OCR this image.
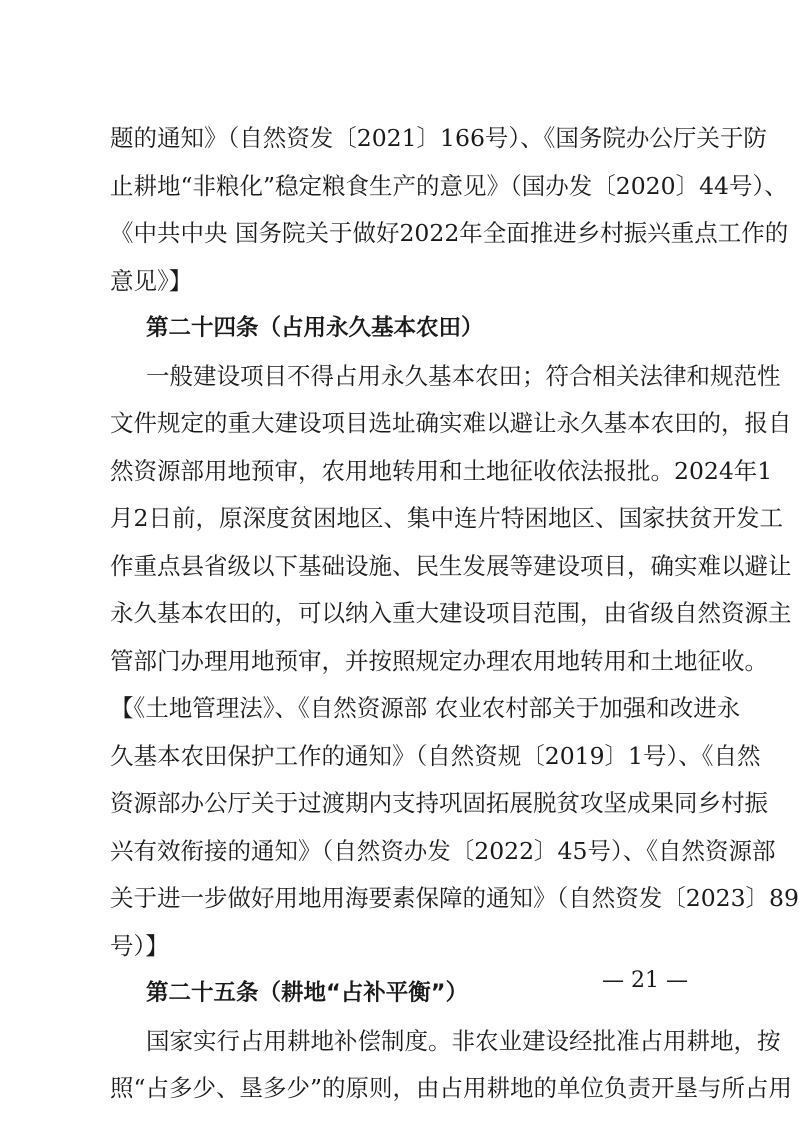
题的通知》（自然资发〔2021〕166号）、《国务院办公厅关于防
止耕地“非粮化”稳定粮食生产的意见》（国办发〔2020〕44号）、
《中共中央 国务院关于做好2022年全面推进乡村振兴重点工作的
意见》】
第二十四条（占用永久基本农田）
一般建设项目不得占用永久基本农田；符合相关法律和规范性
文件规定的重大建设项目选址确实难以避让永久基本农田的，报自
然资源部用地预审，农用地转用和土地征收依法报批。2024年1
月2日前，原深度贫困地区、集中连片特困地区、国家扶贫开发工
作重点县省级以下基础设施、民生发展等建设项目，确实难以避让
永久基本农田的，可以纳入重大建设项目范围，由省级自然资源主
管部门办理用地预审，并按照规定办理农用地转用和土地征收。
【《土地管理法》、《自然资源部 农业农村部关于加强和改进永
久基本农田保护工作的通知》（自然资规〔2019〕1号）、《自然
资源部办公厅关于过渡期内支持巩固拓展脱贫攻坚成果同乡村振
兴有效衔接的通知》（自然资办发〔2022〕45号）、《自然资源部
关于进一步做好用地用海要素保障的通知》（自然资发〔2023〕89
号）】
第二十五条（耕地“占补平衡”）
国家实行占用耕地补偿制度。非农业建设经批准占用耕地，按
照“占多少、垦多少”的原则，由占用耕地的单位负责开垦与所占用
— 21 —
